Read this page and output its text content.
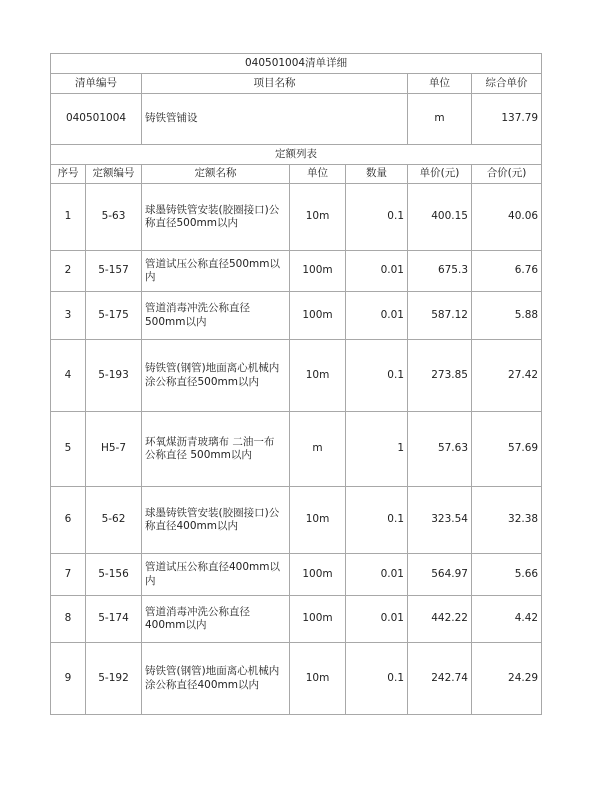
040501004清单详细						
清单编号		项目名称			单位	综合单价
040501004		铸铁管铺设			m	137.79
定额列表						
序号	定额编号	定额名称	单位	数量	单价(元)	合价(元)
1	5-63	球墨铸铁管安装(胶圈接口)公称直径500mm以内	10m	0.1	400.15	40.06
2	5-157	管道试压公称直径500mm以内	100m	0.01	675.3	6.76
3	5-175	管道消毒冲洗公称直径500mm以内	100m	0.01	587.12	5.88
4	5-193	铸铁管(钢管)地面离心机械内涂公称直径500mm以内	10m	0.1	273.85	27.42
5	H5-7	环氧煤沥青玻璃布 二油一布 公称直径 500mm以内	m	1	57.63	57.69
6	5-62	球墨铸铁管安装(胶圈接口)公称直径400mm以内	10m	0.1	323.54	32.38
7	5-156	管道试压公称直径400mm以内	100m	0.01	564.97	5.66
8	5-174	管道消毒冲洗公称直径400mm以内	100m	0.01	442.22	4.42
9	5-192	铸铁管(钢管)地面离心机械内涂公称直径400mm以内	10m	0.1	242.74	24.29
